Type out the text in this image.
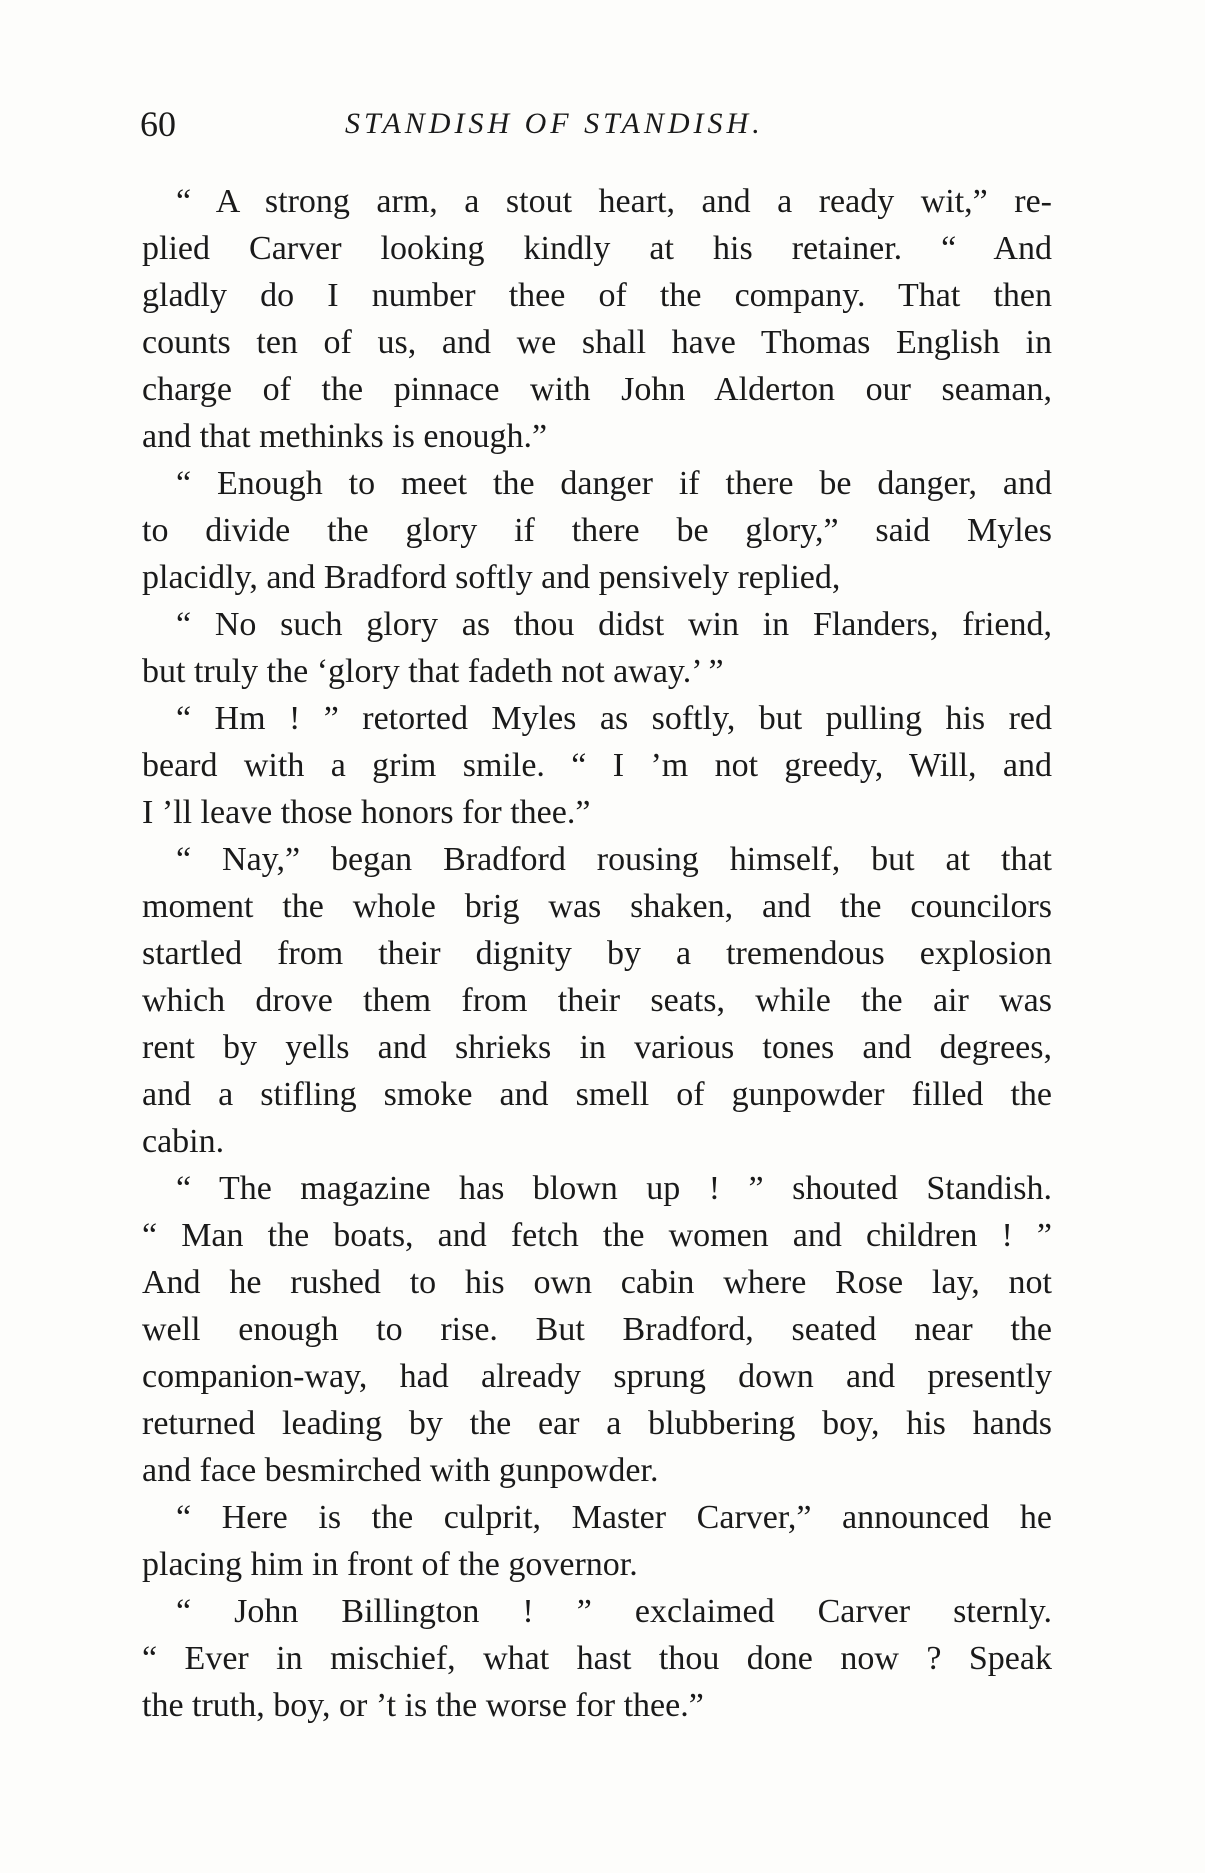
60	STANDISH OF STANDISH.
“ A strong arm, a stout heart, and a ready wit,” re-
plied Carver looking kindly at his retainer. “ And
gladly do I number thee of the company. That then
counts ten of us, and we shall have Thomas English in
charge of the pinnace with John Alderton our seaman,
and that methinks is enough.”
“ Enough to meet the danger if there be danger, and
to divide the glory if there be glory,” said Myles
placidly, and Bradford softly and pensively replied,
“ No such glory as thou didst win in Flanders, friend,
but truly the ‘glory that fadeth not away.’ ”
“ Hm ! ” retorted Myles as softly, but pulling his red
beard with a grim smile. “ I ’m not greedy, Will, and
I ’ll leave those honors for thee.”
“ Nay,” began Bradford rousing himself, but at that
moment the whole brig was shaken, and the councilors
startled from their dignity by a tremendous explosion
which drove them from their seats, while the air was
rent by yells and shrieks in various tones and degrees,
and a stifling smoke and smell of gunpowder filled the
cabin.
“ The magazine has blown up ! ” shouted Standish.
“ Man the boats, and fetch the women and children ! ”
And he rushed to his own cabin where Rose lay, not
well enough to rise. But Bradford, seated near the
companion-way, had already sprung down and presently
returned leading by the ear a blubbering boy, his hands
and face besmirched with gunpowder.
“ Here is the culprit, Master Carver,” announced he
placing him in front of the governor.
“ John Billington ! ” exclaimed Carver sternly.
“ Ever in mischief, what hast thou done now ? Speak
the truth, boy, or ’t is the worse for thee.”
